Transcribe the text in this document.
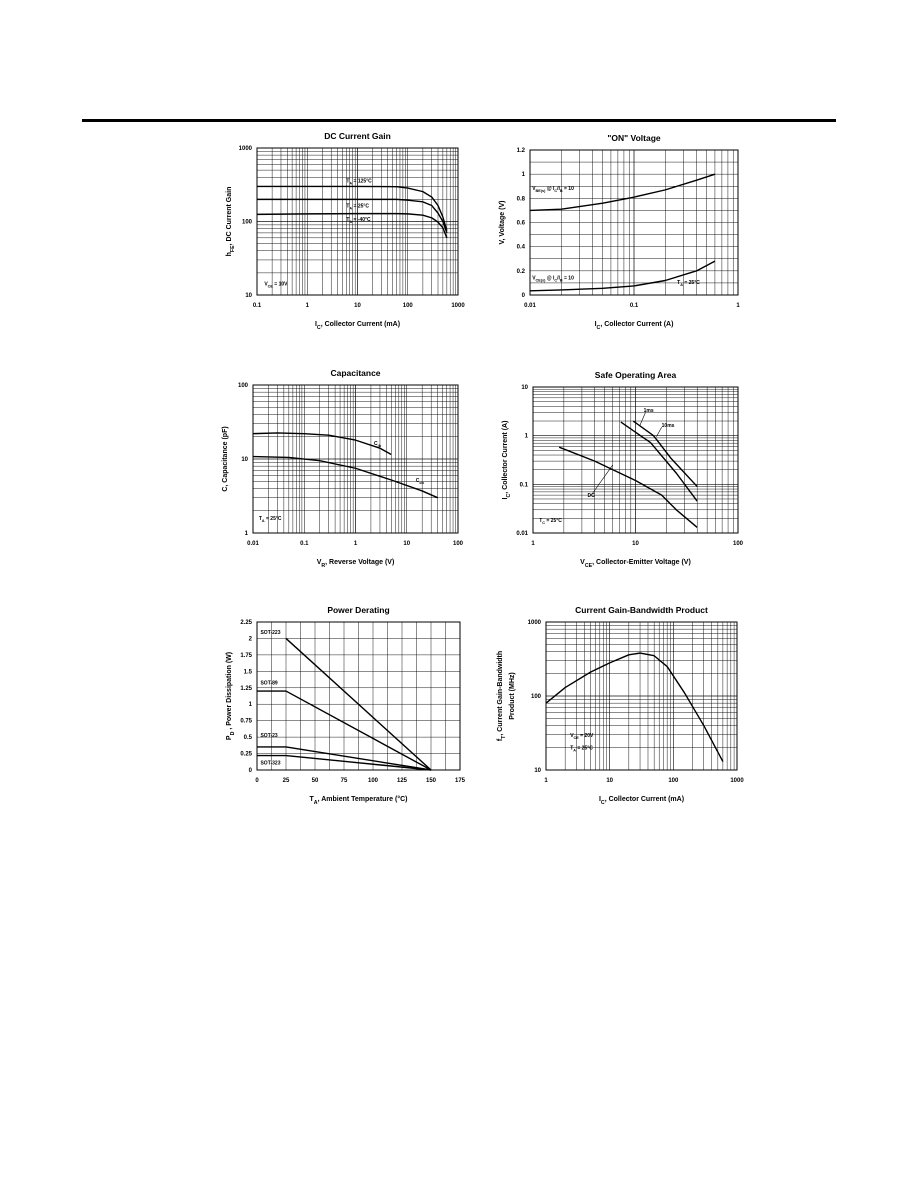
0.1	1	10	100	1000
10
100
1000
DC Current Gain
$I_C$, Collector Current (mA)
$h_{FE}$, DC Current Gain
$T_A = 125^\circ C$
$T_A = 25^\circ C$
$T_A = -40^\circ C$
$V_{CE} = 10V$
0.01	0.1	1
0
0.2
0.4
0.6
0.8
1
1.2
"ON" Voltage
$I_C$, Collector Current (A)
V, Voltage (V)
$V_{BE(s)}$ @ $I_C/I_B = 10$
$V_{CE(s)}$ @ $I_C/I_B = 10$
$T_A = 25^\circ C$
0.01	0.1	1	10	100
1
10
100
Capacitance
$V_R$, Reverse Voltage (V)
C, Capacitance (pF)	$C_{ib}$
$C_{ob}$
$T_A = 25^\circ C$
1	10	100
0.01
0.1
1
10
Safe Operating Area
$V_{CE}$, Collector-Emitter Voltage (V)
$I_C$, Collector Current (A)
1ms
10ms
DC
$T_C = 25^\circ C$
0	25	50	75	100	125	150	175
0
0.25
0.5
0.75
1
1.25
1.5
1.75
2
2.25
Power Derating
$T_A$, Ambient Temperature (°C)
$P_D$ , Power Dissipation (W)
SOT-223
SOT-89
SOT-23
SOT-323
1	10	100	1000
10
100
1000
Current Gain-Bandwidth Product
$I_C$, Collector Current (mA)
$f_T$, Current Gain-Bandwidth Product (MHz)
$V_{CE} = 20V$
$T_A = 25^\circ C$
